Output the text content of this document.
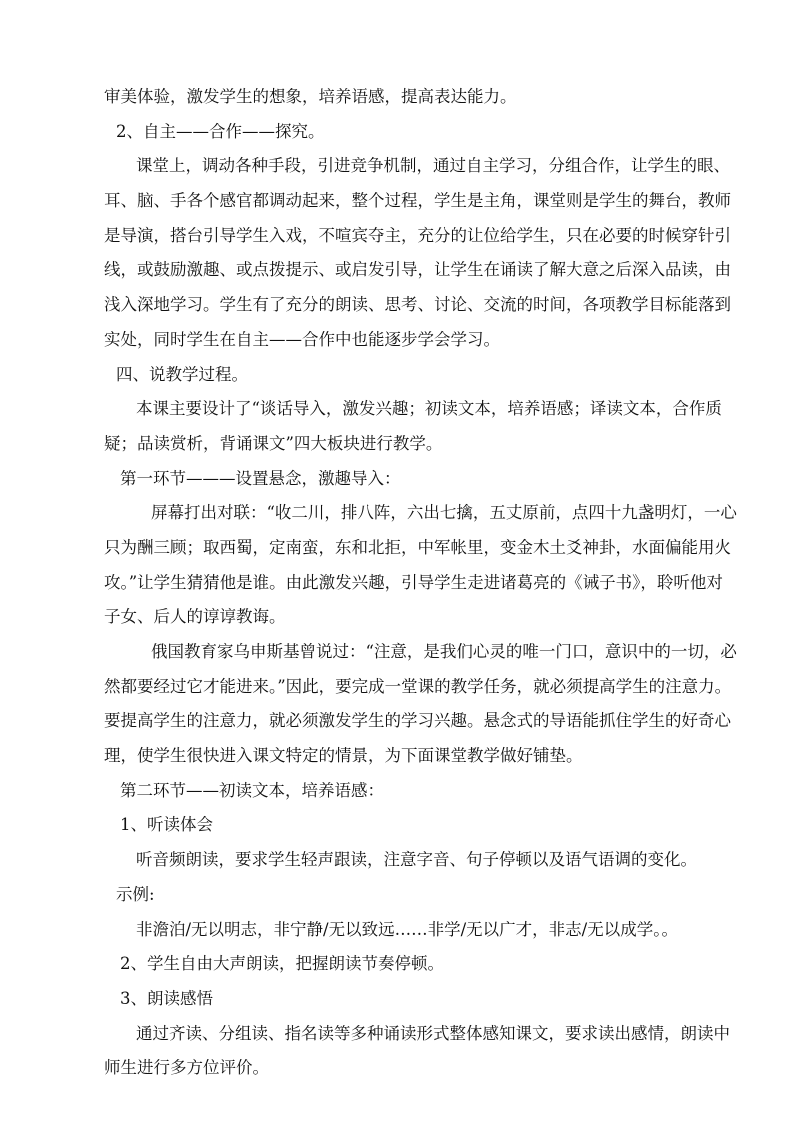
审美体验，激发学生的想象，培养语感，提高表达能力。
2、自主——合作——探究。
课堂上，调动各种手段，引进竞争机制，通过自主学习，分组合作，让学生的眼、
耳、脑、手各个感官都调动起来，整个过程，学生是主角，课堂则是学生的舞台，教师
是导演，搭台引导学生入戏，不喧宾夺主，充分的让位给学生，只在必要的时候穿针引
线，或鼓励激趣、或点拨提示、或启发引导，让学生在诵读了解大意之后深入品读，由
浅入深地学习。学生有了充分的朗读、思考、讨论、交流的时间，各项教学目标能落到
实处，同时学生在自主——合作中也能逐步学会学习。
四、说教学过程。
本课主要设计了“谈话导入，激发兴趣；初读文本，培养语感；译读文本，合作质
疑；品读赏析，背诵课文”四大板块进行教学。
第一环节———设置悬念，激趣导入：
屏幕打出对联：“收二川，排八阵，六出七擒，五丈原前，点四十九盏明灯，一心
只为酬三顾；取西蜀，定南蛮，东和北拒，中军帐里，变金木土爻神卦，水面偏能用火
攻。”让学生猜猜他是谁。由此激发兴趣，引导学生走进诸葛亮的《诫子书》，聆听他对
子女、后人的谆谆教诲。
俄国教育家乌申斯基曾说过：“注意，是我们心灵的唯一门口，意识中的一切，必
然都要经过它才能进来。”因此，要完成一堂课的教学任务，就必须提高学生的注意力。
要提高学生的注意力，就必须激发学生的学习兴趣。悬念式的导语能抓住学生的好奇心
理，使学生很快进入课文特定的情景，为下面课堂教学做好铺垫。
第二环节——初读文本，培养语感：
1、听读体会
听音频朗读，要求学生轻声跟读，注意字音、句子停顿以及语气语调的变化。
示例:
非澹泊/无以明志，非宁静/无以致远……非学/无以广才，非志/无以成学。。
2、学生自由大声朗读，把握朗读节奏停顿。
3、朗读感悟
通过齐读、分组读、指名读等多种诵读形式整体感知课文，要求读出感情，朗读中
师生进行多方位评价。
